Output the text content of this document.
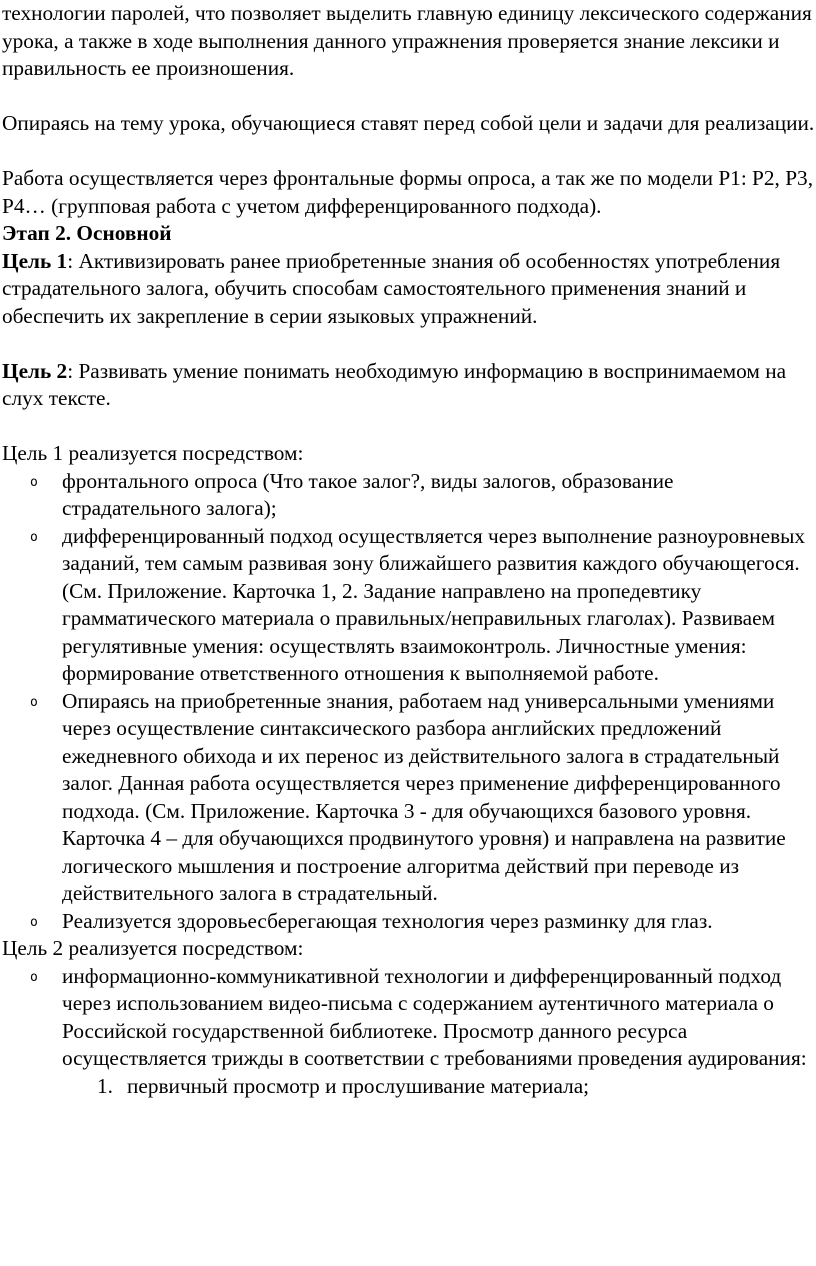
технологии паролей, что позволяет выделить главную единицу лексического содержания урока, а также в ходе выполнения данного упражнения проверяется знание лексики и правильность ее произношения.

Опираясь на тему урока, обучающиеся ставят перед собой цели и задачи для реализации.

Работа осуществляется через фронтальные формы опроса, а так же по модели P1: P2, P3, P4… (групповая работа с учетом дифференцированного подхода).

Этап 2. Основной

Цель 1: Активизировать ранее приобретенные знания об особенностях употребления страдательного залога, обучить способам самостоятельного применения знаний и обеспечить их закрепление в серии языковых упражнений.

Цель 2: Развивать умение понимать необходимую информацию в воспринимаемом на слух тексте.

Цель 1 реализуется посредством:

o фронтального опроса (Что такое залог?, виды залогов, образование страдательного залога);
o дифференцированный подход осуществляется через выполнение разноуровневых заданий, тем самым развивая зону ближайшего развития каждого обучающегося. (См. Приложение. Карточка 1, 2. Задание направлено на пропедевтику грамматического материала о правильных/неправильных глаголах). Развиваем регулятивные умения: осуществлять взаимоконтроль. Личностные умения: формирование ответственного отношения к выполняемой работе.
o Опираясь на приобретенные знания, работаем над универсальными умениями через осуществление синтаксического разбора английских предложений ежедневного обихода и их перенос из действительного залога в страдательный залог. Данная работа осуществляется через применение дифференцированного подхода. (См. Приложение. Карточка 3 - для обучающихся базового уровня. Карточка 4 – для обучающихся продвинутого уровня) и направлена на развитие логического мышления и построение алгоритма действий при переводе из действительного залога в страдательный.
o Реализуется здоровьесберегающая технология через разминку для глаз.

Цель 2 реализуется посредством:

o информационно-коммуникативной технологии и дифференцированный подход через использованием видео-письма с содержанием аутентичного материала о Российской государственной библиотеке. Просмотр данного ресурса осуществляется трижды в соответствии с требованиями проведения аудирования:
1. первичный просмотр и прослушивание материала;
